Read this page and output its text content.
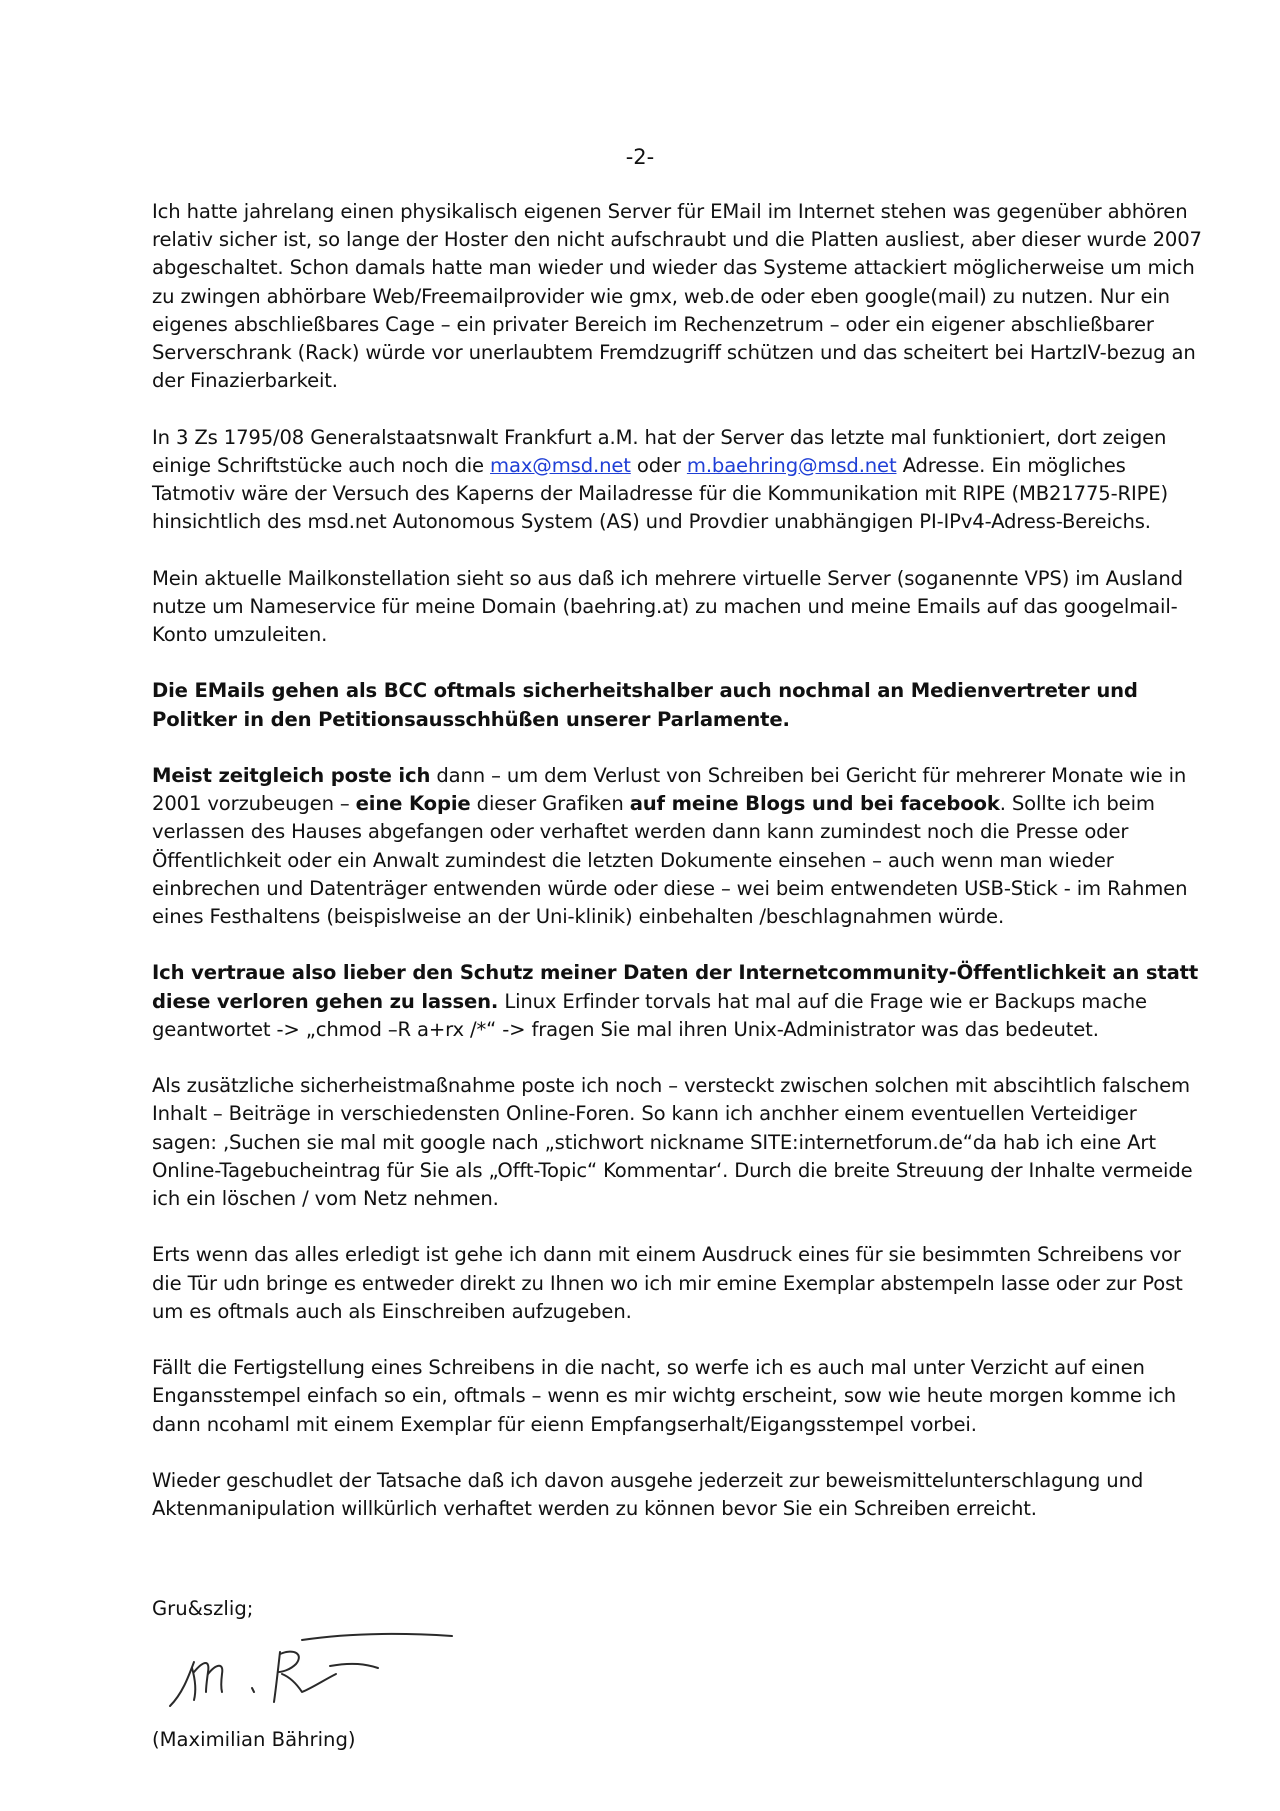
-2-

Ich hatte jahrelang einen physikalisch eigenen Server für EMail im Internet stehen was gegenüber abhören relativ sicher ist, so lange der Hoster den nicht aufschraubt und die Platten ausliest, aber dieser wurde 2007 abgeschaltet. Schon damals hatte man wieder und wieder das Systeme attackiert möglicherweise um mich zu zwingen abhörbare Web/Freemailprovider wie gmx, web.de oder eben google(mail) zu nutzen. Nur ein eigenes abschließbares Cage – ein privater Bereich im Rechenzetrum – oder ein eigener abschließbarer Serverschrank (Rack) würde vor unerlaubtem Fremdzugriff schützen und das scheitert bei HartzIV-bezug an der Finazierbarkeit.

In 3 Zs 1795/08 Generalstaatsnwalt Frankfurt a.M. hat der Server das letzte mal funktioniert, dort zeigen einige Schriftstücke auch noch die max@msd.net oder m.baehring@msd.net Adresse. Ein mögliches Tatmotiv wäre der Versuch des Kaperns der Mailadresse für die Kommunikation mit RIPE (MB21775-RIPE) hinsichtlich des msd.net Autonomous System (AS) und Provdier unabhängigen PI-IPv4-Adress-Bereichs.

Mein aktuelle Mailkonstellation sieht so aus daß ich mehrere virtuelle Server (soganennte VPS) im Ausland nutze um Nameservice für meine Domain (baehring.at) zu machen und meine Emails auf das googelmail-Konto umzuleiten.

Die EMails gehen als BCC oftmals sicherheitshalber auch nochmal an Medienvertreter und Politker in den Petitionsausschhüßen unserer Parlamente.

Meist zeitgleich poste ich dann – um dem Verlust von Schreiben bei Gericht für mehrerer Monate wie in 2001 vorzubeugen – eine Kopie dieser Grafiken auf meine Blogs und bei facebook. Sollte ich beim verlassen des Hauses abgefangen oder verhaftet werden dann kann zumindest noch die Presse oder Öffentlichkeit oder ein Anwalt zumindest die letzten Dokumente einsehen – auch wenn man wieder einbrechen und Datenträger entwenden würde oder diese – wei beim entwendeten USB-Stick - im Rahmen eines Festhaltens (beispislweise an der Uni-klinik) einbehalten /beschlagnahmen würde.

Ich vertraue also lieber den Schutz meiner Daten der Internetcommunity-Öffentlichkeit an statt diese verloren gehen zu lassen. Linux Erfinder torvals hat mal auf die Frage wie er Backups mache geantwortet -> „chmod –R a+rx /*“ -> fragen Sie mal ihren Unix-Administrator was das bedeutet.

Als zusätzliche sicherheistmaßnahme poste ich noch – versteckt zwischen solchen mit abscihtlich falschem Inhalt – Beiträge in verschiedensten Online-Foren. So kann ich anchher einem eventuellen Verteidiger sagen: ‚Suchen sie mal mit google nach „stichwort nickname SITE:internetforum.de“da hab ich eine Art Online-Tagebucheintrag für Sie als „Offt-Topic“ Kommentar‘. Durch die breite Streuung der Inhalte vermeide ich ein löschen / vom Netz nehmen.

Erts wenn das alles erledigt ist gehe ich dann mit einem Ausdruck eines für sie besimmten Schreibens vor die Tür udn bringe es entweder direkt zu Ihnen wo ich mir emine Exemplar abstempeln lasse oder zur Post um es oftmals auch als Einschreiben aufzugeben.

Fällt die Fertigstellung eines Schreibens in die nacht, so werfe ich es auch mal unter Verzicht auf einen Engansstempel einfach so ein, oftmals – wenn es mir wichtg erscheint, sow wie heute morgen komme ich dann ncohaml mit einem Exemplar für eienn Empfangserhalt/Eigangsstempel vorbei.

Wieder geschudlet der Tatsache daß ich davon ausgehe jederzeit zur beweismittelunterschlagung und Aktenmanipulation willkürlich verhaftet werden zu können bevor Sie ein Schreiben erreicht.

Gru&szlig;
(Maximilian Bähring)
